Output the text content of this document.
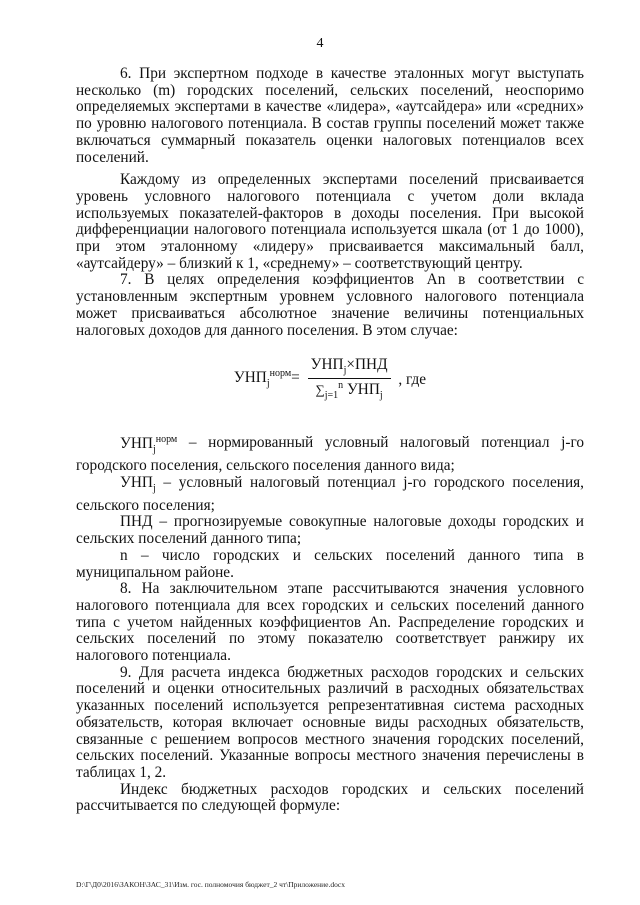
4

6. При экспертном подходе в качестве эталонных могут выступать несколько (m) городских поселений, сельских поселений, неоспоримо определяемых экспертами в качестве «лидера», «аутсайдера» или «средних» по уровню налогового потенциала. В состав группы поселений может также включаться суммарный показатель оценки налоговых потенциалов всех поселений.

Каждому из определенных экспертами поселений присваивается уровень условного налогового потенциала с учетом доли вклада используемых показателей-факторов в доходы поселения. При высокой дифференциации налогового потенциала используется шкала (от 1 до 1000), при этом эталонному «лидеру» присваивается максимальный балл, «аутсайдеру» – близкий к 1, «среднему» – соответствующий центру.

7. В целях определения коэффициентов Аn в соответствии с установленным экспертным уровнем условного налогового потенциала может присваиваться абсолютное значение величины потенциальных налоговых доходов для данного поселения. В этом случае:

$УНП_j^{норм}= \frac{УНП_j\times ПНД}{\sum_{j=1}^n УНП_j}$ , где

$УНП_j^{норм}$ – нормированный условный налоговый потенциал j-го городского поселения, сельского поселения данного вида;

$УНП_j$ – условный налоговый потенциал j-го городского поселения, сельского поселения;

ПНД – прогнозируемые совокупные налоговые доходы городских и сельских поселений данного типа;

n – число городских и сельских поселений данного типа в муниципальном районе.

8. На заключительном этапе рассчитываются значения условного налогового потенциала для всех городских и сельских поселений данного типа с учетом найденных коэффициентов Аn. Распределение городских и сельских поселений по этому показателю соответствует ранжиру их налогового потенциала.

9. Для расчета индекса бюджетных расходов городских и сельских поселений и оценки относительных различий в расходных обязательствах указанных поселений используется репрезентативная система расходных обязательств, которая включает основные виды расходных обязательств, связанные с решением вопросов местного значения городских поселений, сельских поселений. Указанные вопросы местного значения перечислены в таблицах 1, 2.

Индекс бюджетных расходов городских и сельских поселений рассчитывается по следующей формуле:

D:\Г\Д0\2016\ЗАКОН\ЗАС_31\Изм. гос. полномочия бюджет_2 чт\Приложение.docx
